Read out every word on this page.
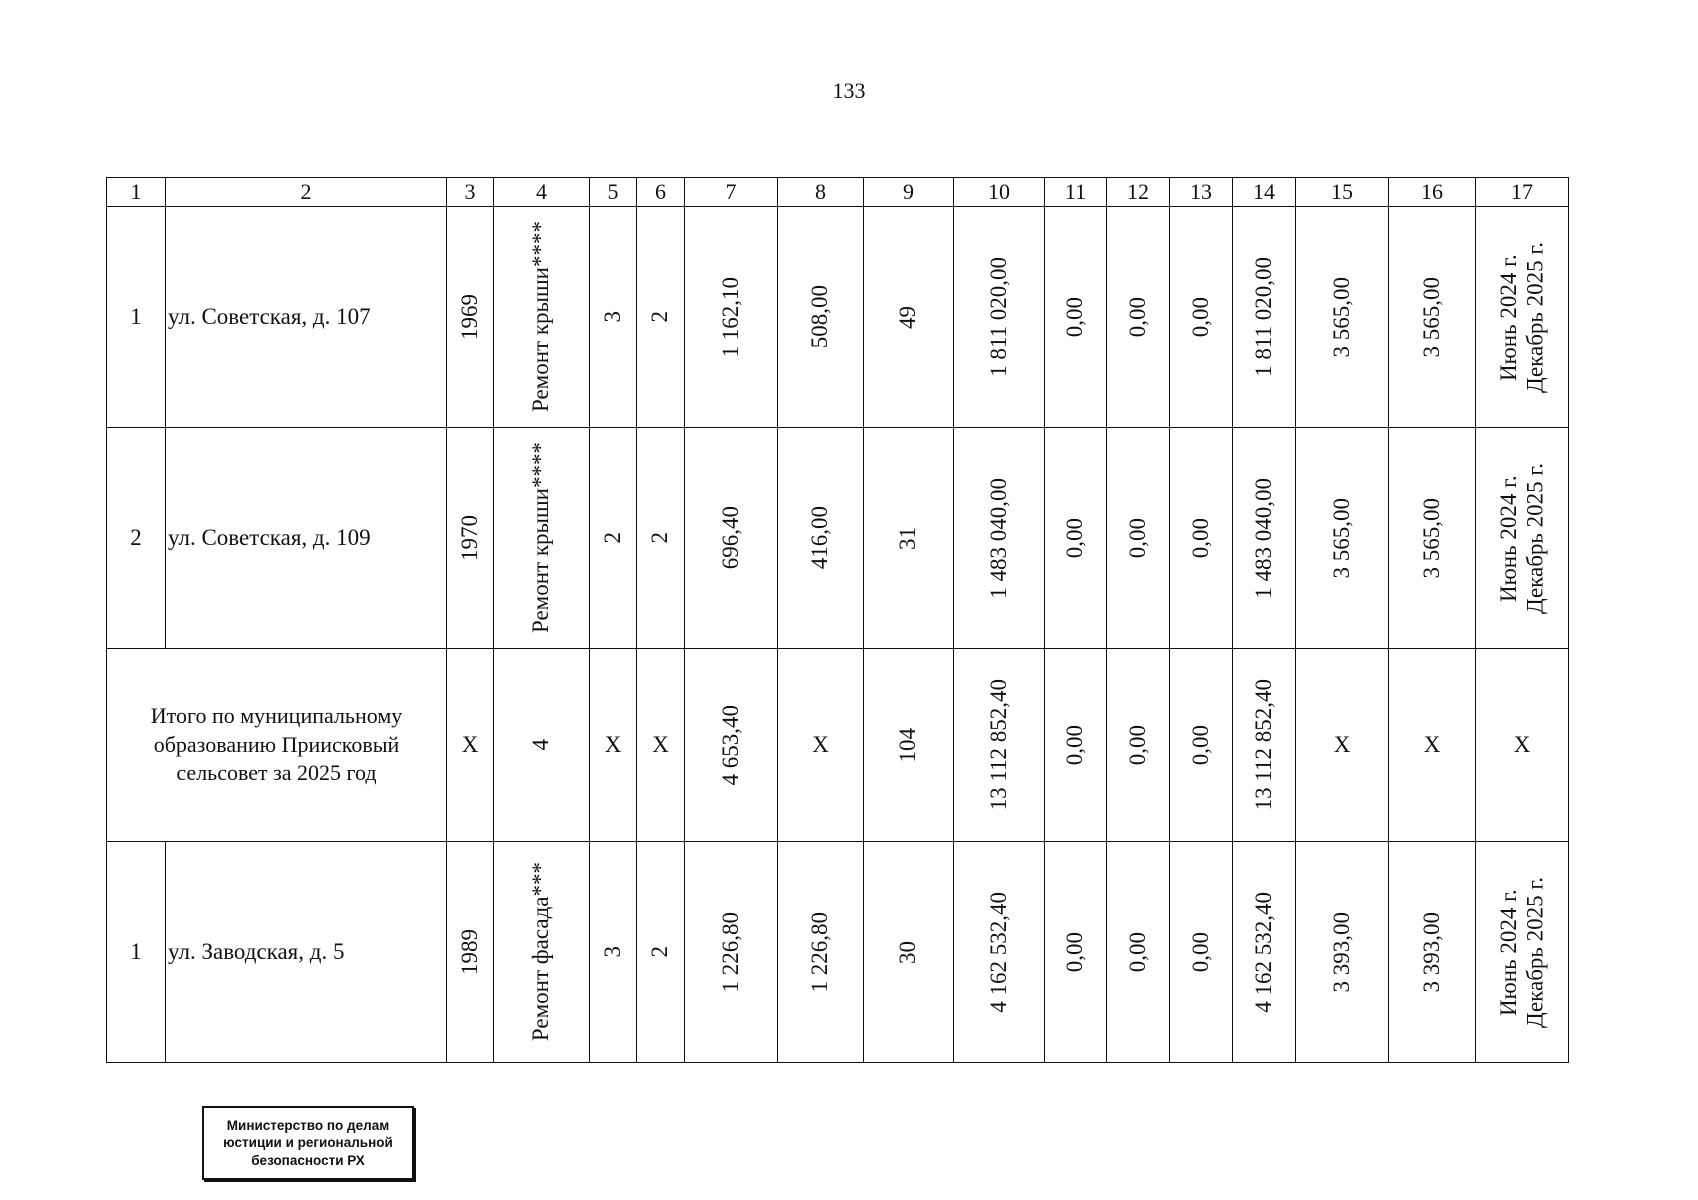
133
1	2	3	4	5	6	7	8	9	10	11	12	13	14	15	16	17
1	ул. Советская, д. 107	1969	Ремонт крыши****	3	2	1 162,10	508,00	49	1 811 020,00	0,00	0,00	0,00	1 811 020,00	3 565,00	3 565,00	Июнь 2024 г.
Декабрь 2025 г.

2	ул. Советская, д. 109	1970	Ремонт крыши****	2	2	696,40	416,00	31	1 483 040,00	0,00	0,00	0,00	1 483 040,00	3 565,00	3 565,00	Июнь 2024 г.
Декабрь 2025 г.

Итого по муниципальному
образованию Приисковый
сельсовет за 2025 год		X	4	X	X	4 653,40	X	104	13 112 852,40	0,00	0,00	0,00	13 112 852,40	X	X	X
1	ул. Заводская, д. 5	1989	Ремонт фасада***	3	2	1 226,80	1 226,80	30	4 162 532,40	0,00	0,00	0,00	4 162 532,40	3 393,00	3 393,00	Июнь 2024 г.
Декабрь 2025 г.
Министерство по делам
юстиции и региональной
безопасности РХ
